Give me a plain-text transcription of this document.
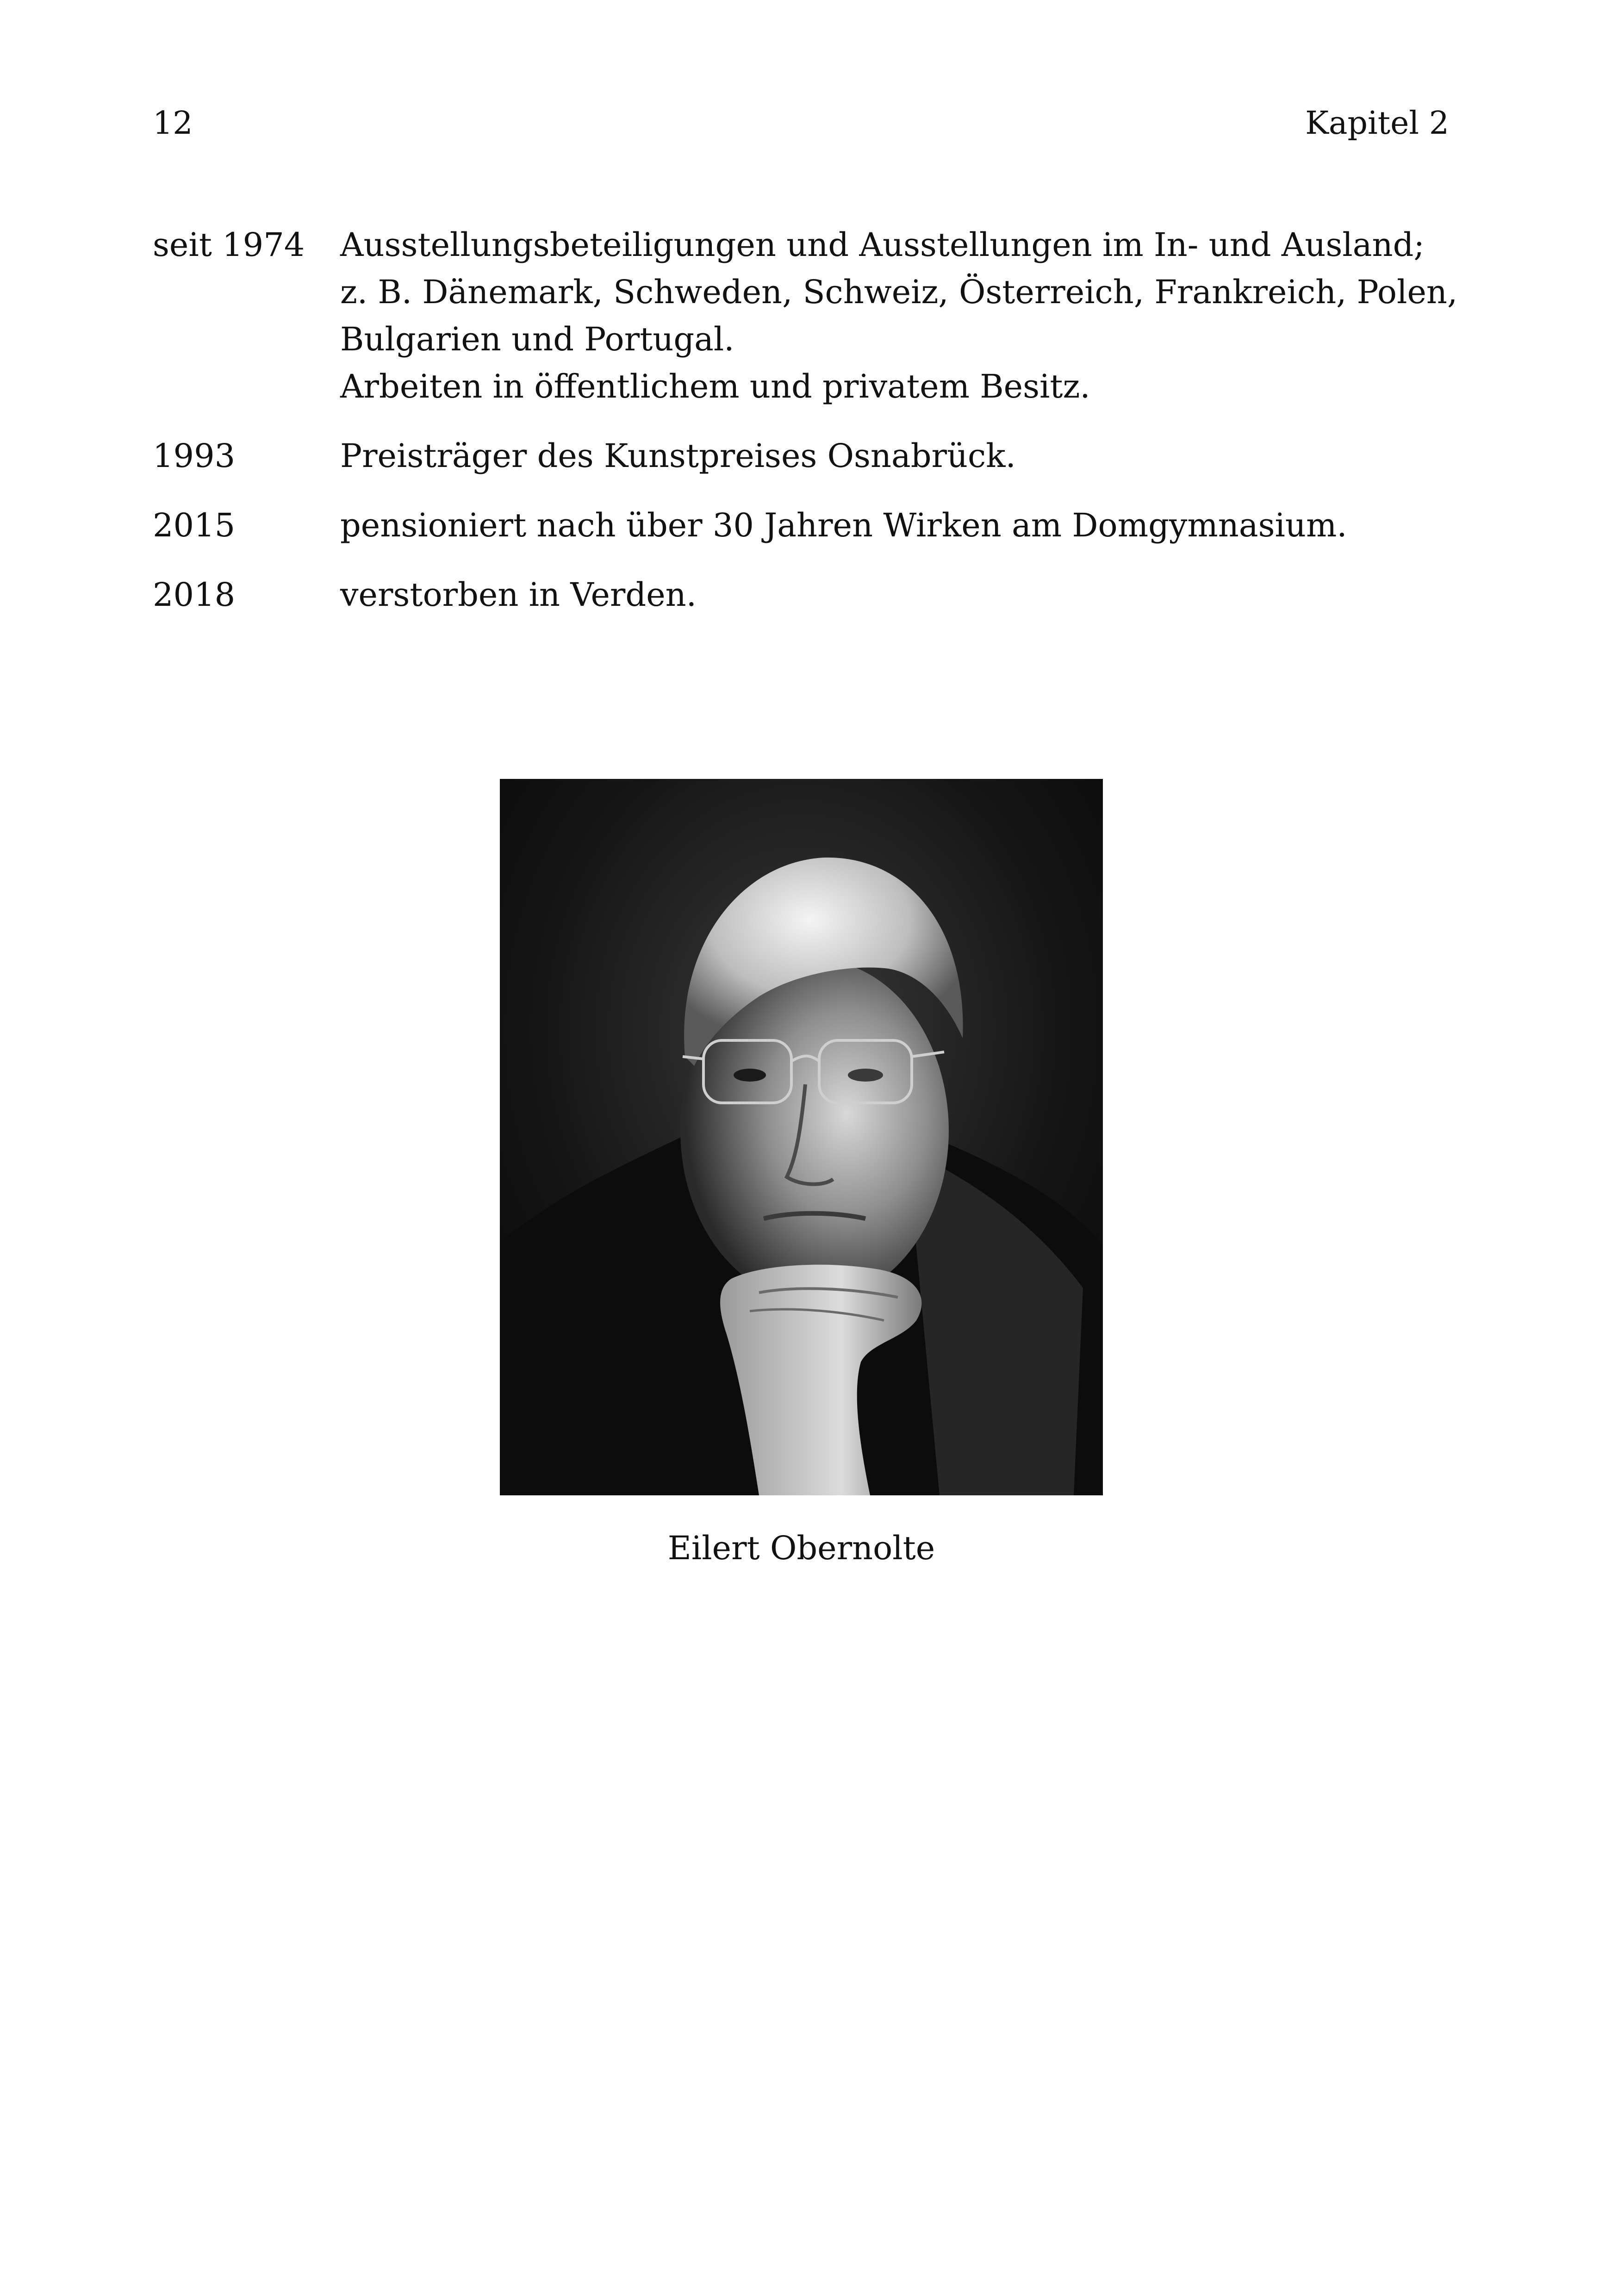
12	Kapitel 2
seit 1974	Ausstellungsbeteiligungen und Ausstellungen im In- und Ausland;
z. B. Dänemark, Schweden, Schweiz, Österreich, Frankreich, Polen,
Bulgarien und Portugal.
Arbeiten in öffentlichem und privatem Besitz.
1993	Preisträger des Kunstpreises Osnabrück.
2015	pensioniert nach über 30 Jahren Wirken am Domgymnasium.
2018	verstorben in Verden.
Eilert Obernolte
